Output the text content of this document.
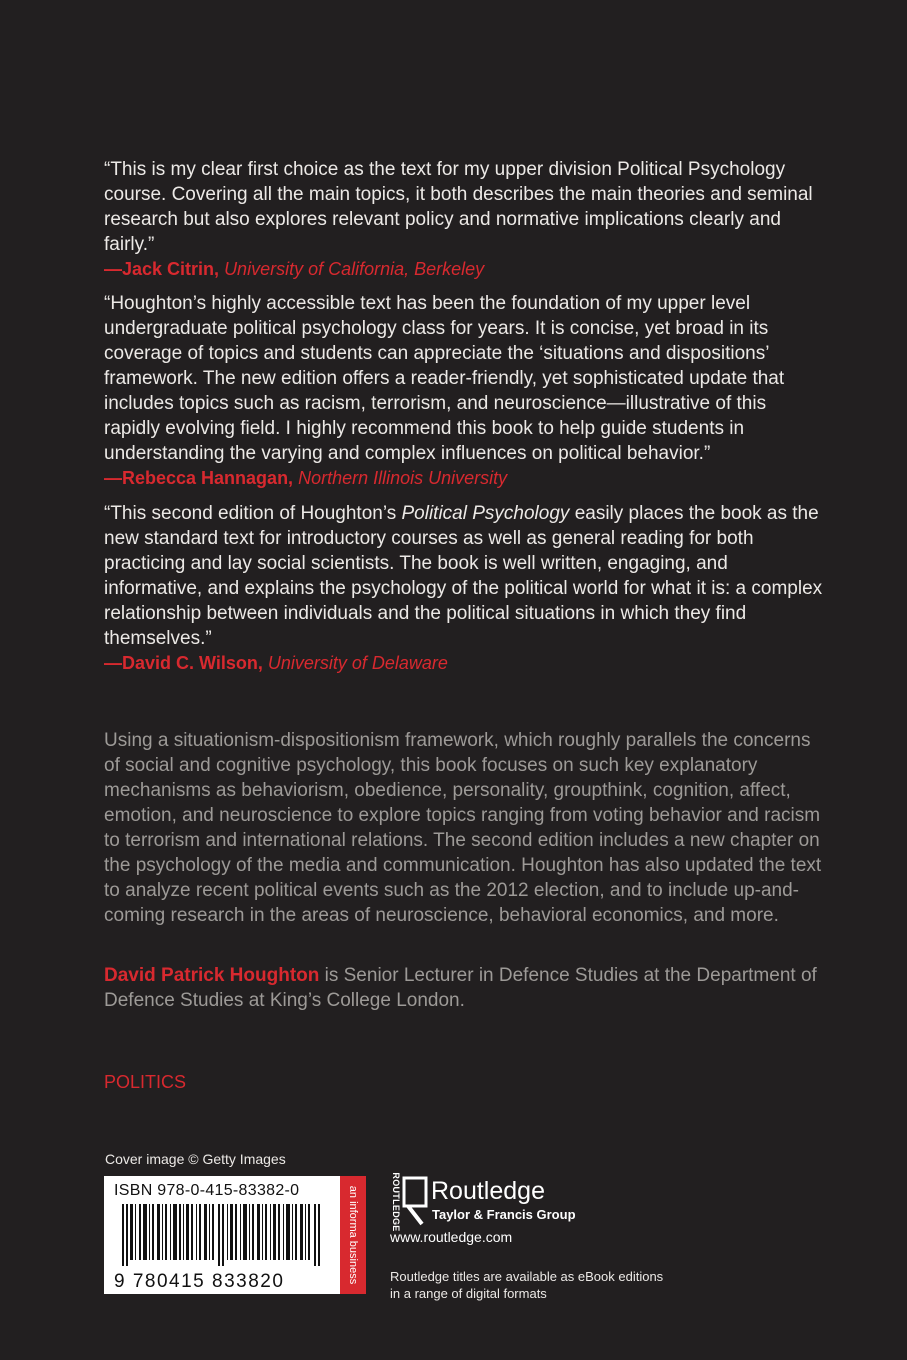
“This is my clear first choice as the text for my upper division Political Psychology course. Covering all the main topics, it both describes the main theories and seminal research but also explores relevant policy and normative implications clearly and fairly.”

—Jack Citrin, University of California, Berkeley

“Houghton’s highly accessible text has been the foundation of my upper level undergraduate political psychology class for years. It is concise, yet broad in its coverage of topics and students can appreciate the ‘situations and dispositions’ framework. The new edition offers a reader-friendly, yet sophisticated update that includes topics such as racism, terrorism, and neuroscience—illustrative of this rapidly evolving field. I highly recommend this book to help guide students in understanding the varying and complex influences on political behavior.”

—Rebecca Hannagan, Northern Illinois University

“This second edition of Houghton’s Political Psychology easily places the book as the new standard text for introductory courses as well as general reading for both practicing and lay social scientists. The book is well written, engaging, and informative, and explains the psychology of the political world for what it is: a complex relationship between individuals and the political situations in which they find themselves.”

—David C. Wilson, University of Delaware

Using a situationism-dispositionism framework, which roughly parallels the concerns of social and cognitive psychology, this book focuses on such key explanatory mechanisms as behaviorism, obedience, personality, groupthink, cognition, affect, emotion, and neuroscience to explore topics ranging from voting behavior and racism to terrorism and international relations. The second edition includes a new chapter on the psychology of the media and communication. Houghton has also updated the text to analyze recent political events such as the 2012 election, and to include up-and-coming research in the areas of neuroscience, behavioral economics, and more.

David Patrick Houghton is Senior Lecturer in Defence Studies at the Department of Defence Studies at King’s College London.

POLITICS
Cover image © Getty Images

ISBN 978-0-415-83382-0

9 780415 833820	an informa business	ROUTLEDGE Routledge
Taylor & Francis Group
www.routledge.com

Routledge titles are available as eBook editions

in a range of digital formats
